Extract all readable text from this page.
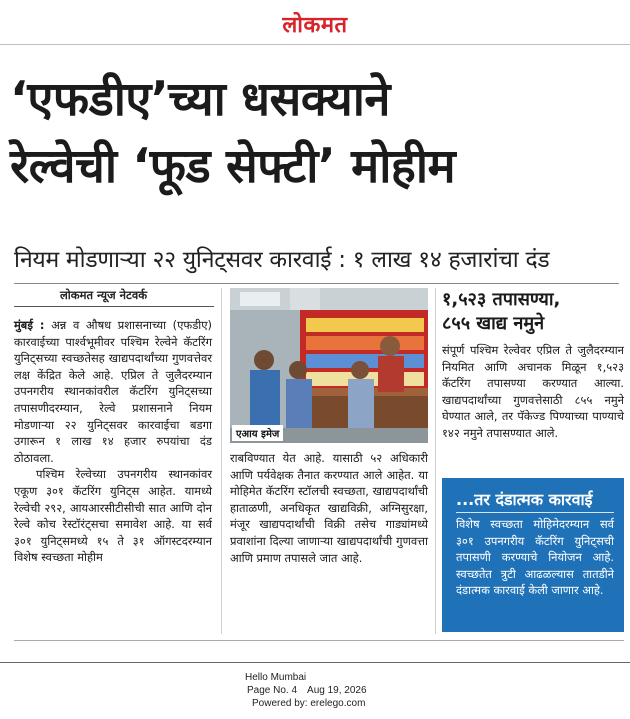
लोकमत
‘एफडीए’च्या धसक्याने
रेल्वेची ‘फूड सेफ्टी’ मोहीम
नियम मोडणाऱ्या २२ युनिट्सवर कारवाई : १ लाख १४ हजारांचा दंड
लोकमत न्यूज नेटवर्क

मुंबई : अन्न व औषध प्रशासनाच्या (एफडीए) कारवाईच्या पार्श्वभूमीवर पश्चिम रेल्वेने कॅटरिंग युनिट्सच्या स्वच्छतेसह खाद्यपदार्थांच्या गुणवत्तेवर लक्ष केंद्रित केले आहे. एप्रिल ते जुलैदरम्यान उपनगरीय स्थानकांवरील कॅटरिंग युनिट्सच्या तपासणीदरम्यान, रेल्वे प्रशासनाने नियम मोडणाऱ्या २२ युनिट्सवर कारवाईचा बडगा उगारून १ लाख १४ हजार रुपयांचा दंड ठोठावला.

पश्चिम रेल्वेच्या उपनगरीय स्थानकांवर एकूण ३०१ कॅटरिंग युनिट्स आहेत. यामध्ये रेल्वेची २९२, आयआरसीटीसीची सात आणि दोन रेल्वे कोच रेस्टॉरंट्सचा समावेश आहे. या सर्व ३०१ युनिट्समध्ये १५ ते ३१ ऑगस्टदरम्यान विशेष स्वच्छता मोहीम

एआय इमेज
राबविण्यात येत आहे. यासाठी ५२ अधिकारी आणि पर्यवेक्षक तैनात करण्यात आले आहेत. या मोहिमेत कॅटरिंग स्टॉलची स्वच्छता, खाद्यपदार्थांची हाताळणी, अनधिकृत खाद्यविक्री, अग्निसुरक्षा, मंजूर खाद्यपदार्थांची विक्री तसेच गाड्यांमध्ये प्रवाशांना दिल्या जाणाऱ्या खाद्यपदार्थांची गुणवत्ता आणि प्रमाण तपासले जात आहे.
१,५२३ तपासण्या,
८५५ खाद्य नमुने
संपूर्ण पश्चिम रेल्वेवर एप्रिल ते जुलैदरम्यान नियमित आणि अचानक मिळून १,५२३ कॅटरिंग तपासण्या करण्यात आल्या. खाद्यपदार्थांच्या गुणवत्तेसाठी ८५५ नमुने घेण्यात आले, तर पॅकेज्ड पिण्याच्या पाण्याचे १४२ नमुने तपासण्यात आले.
...तर दंडात्मक कारवाई
विशेष स्वच्छता मोहिमेदरम्यान सर्व ३०१ उपनगरीय कॅटरिंग युनिट्सची तपासणी करण्याचे नियोजन आहे. स्वच्छतेत त्रुटी आढळल्यास तातडीने दंडात्मक कारवाई केली जाणार आहे.
Hello Mumbai
Page No. 4 Aug 19, 2026
Powered by: erelego.com
